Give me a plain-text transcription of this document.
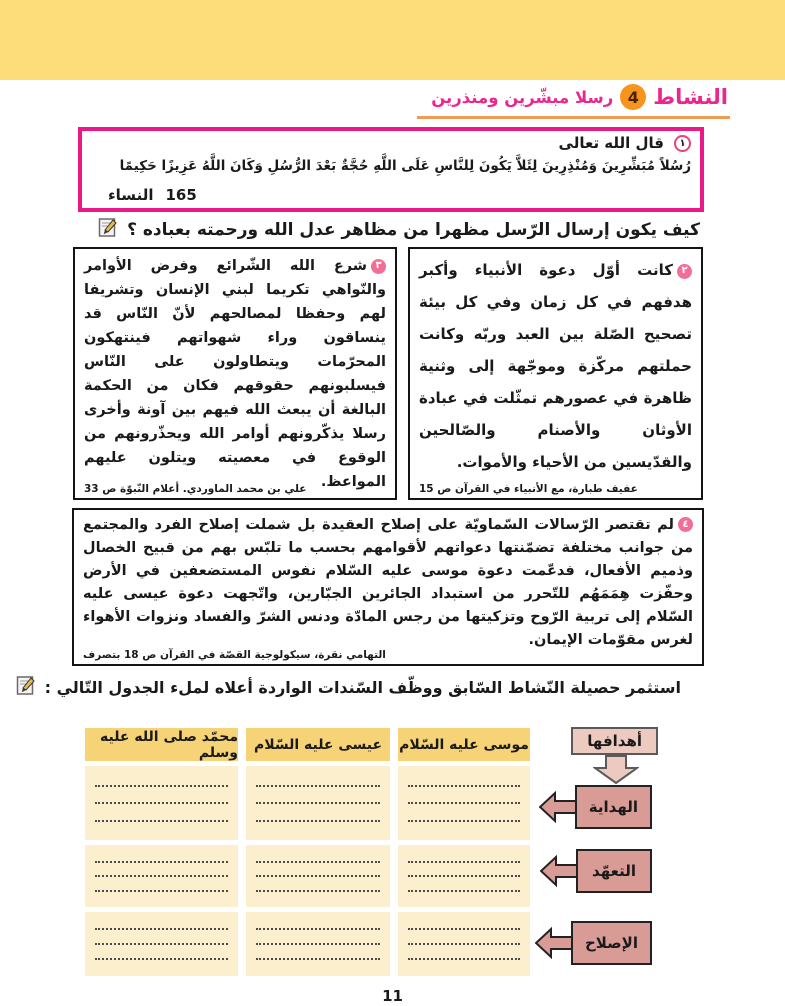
النشاط
4
رسلا مبشّرين ومنذرين
١
قال الله تعالى
رُسُلاً مُبَشِّرِينَ وَمُنْذِرِينَ لِئَلاَّ يَكُونَ لِلنَّاسِ عَلَى اللَّهِ حُجَّةٌ بَعْدَ الرُّسُلِ وَكَانَ اللَّهُ عَزِيزًا حَكِيمًا
النساء 165
كيف يكون إرسال الرّسل مظهرا من مظاهر عدل الله ورحمته بعباده ؟

٢كانت أوّل دعوة الأنبياء وأكبر هدفهم في كل زمان وفي كل بيئة تصحيح الصّلة بين العبد وربّه وكانت حملتهم مركّزة وموجّهة إلى وثنية ظاهرة في عصورهم تمثّلت في عبادة الأوثان والأصنام والصّالحين والقدّيسين من الأحياء والأموات.

عفيف طبارة، مع الأنبياء في القرآن ص 15

٣شرع الله الشّرائع وفرض الأوامر والنّواهي تكريما لبني الإنسان وتشريفا لهم وحفظا لمصالحهم لأنّ النّاس قد ينساقون وراء شهواتهم فينتهكون المحرّمات ويتطاولون على النّاس فيسلبونهم حقوقهم فكان من الحكمة البالغة أن يبعث الله فيهم بين آونة وأخرى رسلا يذكّرونهم أوامر الله ويحذّرونهم من الوقوع في معصيته ويتلون عليهم المواعظ.

علي بن محمد الماوردي. أعلام النّبوّة ص 33

٤لم تقتصر الرّسالات السّماويّة على إصلاح العقيدة بل شملت إصلاح الفرد والمجتمع من جوانب مختلفة تضمّنتها دعواتهم لأقوامهم بحسب ما تلبّس بهم من قبيح الخصال وذميم الأفعال، فدعّمت دعوة موسى عليه السّلام نفوس المستضعفين في الأرض وحفّزت هِمَمَهُم للتّحرر من استبداد الجائرين الجبّارين، واتّجهت دعوة عيسى عليه السّلام إلى تربية الرّوح وتزكيتها من رجس المادّة ودنس الشرّ والفساد ونزوات الأهواء لغرس مقوّمات الإيمان.

التهامي نقرة، سيكولوجية القصّة في القرآن ص 18 بتصرف
استثمر حصيلة النّشاط السّابق ووظّف السّندات الواردة أعلاه لملء الجدول التّالي :
موسى عليه السّلام
عيسى عليه السّلام
محمّد صلى الله عليه وسلم
أهدافها
الهداية
التعهّد
الإصلاح
11
